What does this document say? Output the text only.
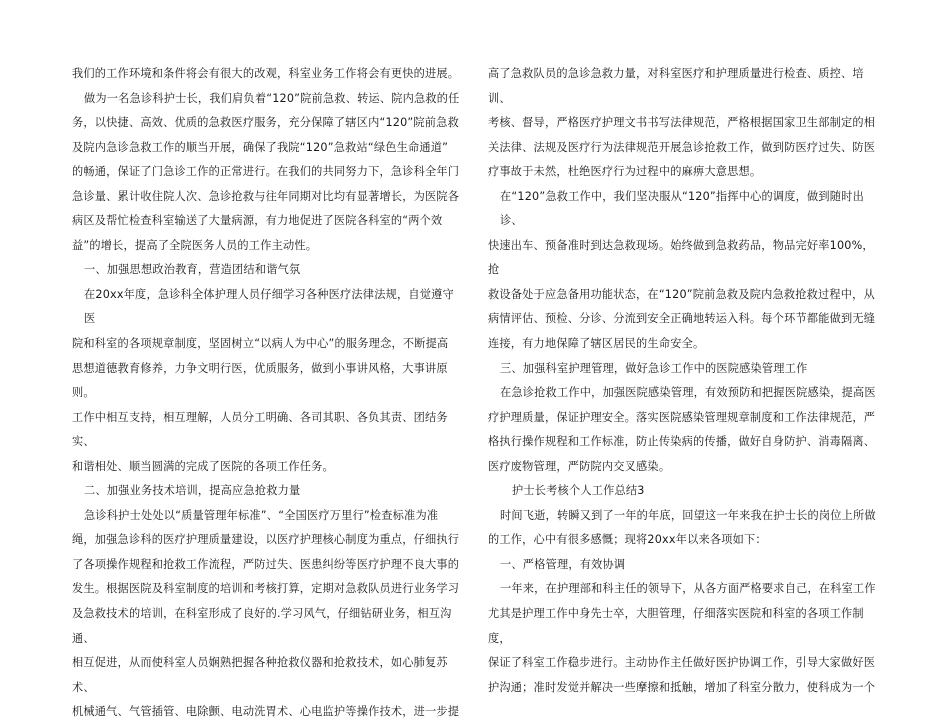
我们的工作环境和条件将会有很大的改观，科室业务工作将会有更快的进展。

做为一名急诊科护士长，我们肩负着“120”院前急救、转运、院内急救的任

务，以快捷、高效、优质的急救医疗服务，充分保障了辖区内“120”院前急救

及院内急诊急救工作的顺当开展，确保了我院“120”急救站“绿色生命通道”

的畅通，保证了门急诊工作的正常进行。在我们的共同努力下，急诊科全年门

急诊量、累计收住院人次、急诊抢救与往年同期对比均有显著增长，为医院各

病区及帮忙检查科室输送了大量病源，有力地促进了医院各科室的“两个效

益”的增长，提高了全院医务人员的工作主动性。

一、加强思想政治教育，营造团结和谐气氛

在20xx年度，急诊科全体护理人员仔细学习各种医疗法律法规，自觉遵守医

院和科室的各项规章制度，坚固树立“以病人为中心”的服务理念，不断提高

思想道德教育修养，力争文明行医，优质服务，做到小事讲风格，大事讲原则。

工作中相互支持，相互理解，人员分工明确、各司其职、各负其责、团结务实、

和谐相处、顺当圆满的完成了医院的各项工作任务。

二、加强业务技术培训，提高应急抢救力量

急诊科护士处处以“质量管理年标准”、“全国医疗万里行”检查标准为准

绳，加强急诊科的医疗护理质量建设，以医疗护理核心制度为重点，仔细执行

了各项操作规程和抢救工作流程，严防过失、医患纠纷等医疗护理不良大事的

发生。根据医院及科室制度的培训和考核打算，定期对急救队员进行业务学习

及急救技术的培训，在科室形成了良好的.学习风气，仔细钻研业务，相互沟通、

相互促进，从而使科室人员娴熟把握各种抢救仪器和抢救技术，如心肺复苏术、

机械通气、气管插管、电除颤、电动洗胃术、心电监护等操作技术，进一步提

高了急救队员的急诊急救力量，对科室医疗和护理质量进行检查、质控、培训、

考核、督导，严格医疗护理文书书写法律规范，严格根据国家卫生部制定的相

关法律、法规及医疗行为法律规范开展急诊抢救工作，做到防医疗过失、防医

疗事故于未然，杜绝医疗行为过程中的麻痹大意思想。

在“120”急救工作中，我们坚决服从“120”指挥中心的调度，做到随时出诊、

快速出车、预备准时到达急救现场。始终做到急救药品，物品完好率100%，抢

救设备处于应急备用功能状态，在“120”院前急救及院内急救抢救过程中，从

病情评估、预检、分诊、分流到安全正确地转运入科。每个环节都能做到无缝

连接，有力地保障了辖区居民的生命安全。

三、加强科室护理管理，做好急诊工作中的医院感染管理工作

在急诊抢救工作中，加强医院感染管理，有效预防和把握医院感染，提高医

疗护理质量，保证护理安全。落实医院感染管理规章制度和工作法律规范，严

格执行操作规程和工作标准，防止传染病的传播，做好自身防护、消毒隔离、

医疗废物管理，严防院内交叉感染。

护士长考核个人工作总结3

时间飞逝，转瞬又到了一年的年底，回望这一年来我在护士长的岗位上所做

的工作，心中有很多感慨；现将20xx年以来各项如下：

一、严格管理，有效协调

一年来，在护理部和科主任的领导下，从各方面严格要求自己，在科室工作

尤其是护理工作中身先士卒，大胆管理，仔细落实医院和科室的各项工作制度，

保证了科室工作稳步进行。主动协作主任做好医护协调工作，引导大家做好医

护沟通；准时发觉并解决一些摩擦和抵触，增加了科室分散力，使科成为一个
